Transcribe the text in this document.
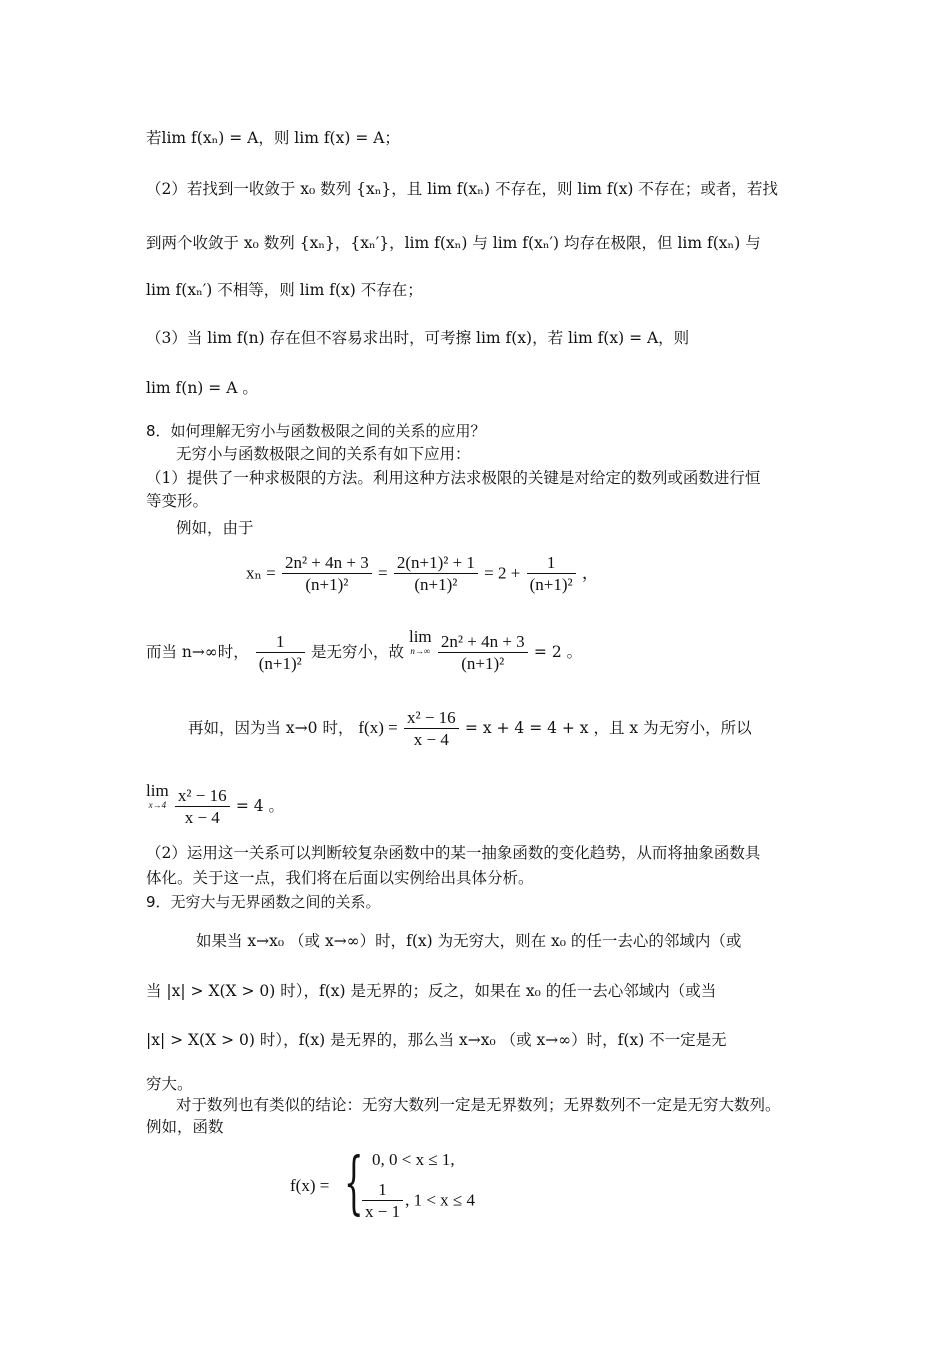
若lim f(xₙ) = A，则 lim f(x) = A；
（2）若找到一收敛于 x₀ 数列 {xₙ}，且 lim f(xₙ) 不存在，则 lim f(x) 不存在；或者，若找
到两个收敛于 x₀ 数列 {xₙ}，{xₙ′}，lim f(xₙ) 与 lim f(xₙ′) 均存在极限，但 lim f(xₙ) 与
lim f(xₙ′) 不相等，则 lim f(x) 不存在；
（3）当 lim f(n) 存在但不容易求出时，可考擦 lim f(x)，若 lim f(x) = A，则
lim f(n) = A 。
8．如何理解无穷小与函数极限之间的关系的应用？
无穷小与函数极限之间的关系有如下应用：
（1）提供了一种求极限的方法。利用这种方法求极限的关键是对给定的数列或函数进行恒
等变形。
例如，由于
$x_n = \frac{\text{2n² + 4n + 3}}{\text{(n+1)²}} = \frac{\text{2(n+1)² + 1}}{\text{(n+1)²}} = 2 + \frac{1}{\text{(n+1)²}}$ ，
而当 n→∞时， $\frac{1}{\text{(n+1)²}}$ 是无穷小，故 lim
n→∞
$\frac{\text{2n² + 4n + 3}}{\text{(n+1)²}} = 2$ 。
再如，因为当 x→0 时， $f(x) = \frac{\text{x² − 16}}{x - 4} = x + 4 = 4 + x$ ，且 x 为无穷小，所以
lim
x→4
$\frac{\text{x² − 16}}{x - 4} = 4$ 。
（2）运用这一关系可以判断较复杂函数中的某一抽象函数的变化趋势，从而将抽象函数具
体化。关于这一点，我们将在后面以实例给出具体分析。
9．无穷大与无界函数之间的关系。
如果当 x→x₀ （或 x→∞）时，f(x) 为无穷大，则在 x₀ 的任一去心的邻域内（或
当 |x| > X(X > 0) 时），f(x) 是无界的；反之，如果在 x₀ 的任一去心邻域内（或当
|x| > X(X > 0) 时），f(x) 是无界的，那么当 x→x₀ （或 x→∞）时，f(x) 不一定是无
穷大。
对于数列也有类似的结论：无穷大数列一定是无界数列；无界数列不一定是无穷大数列。
例如，函数
f(x) = { 0, 0 < x ≤ 1,
$\frac{1}{x - 1}$ , 1 < x ≤ 4
